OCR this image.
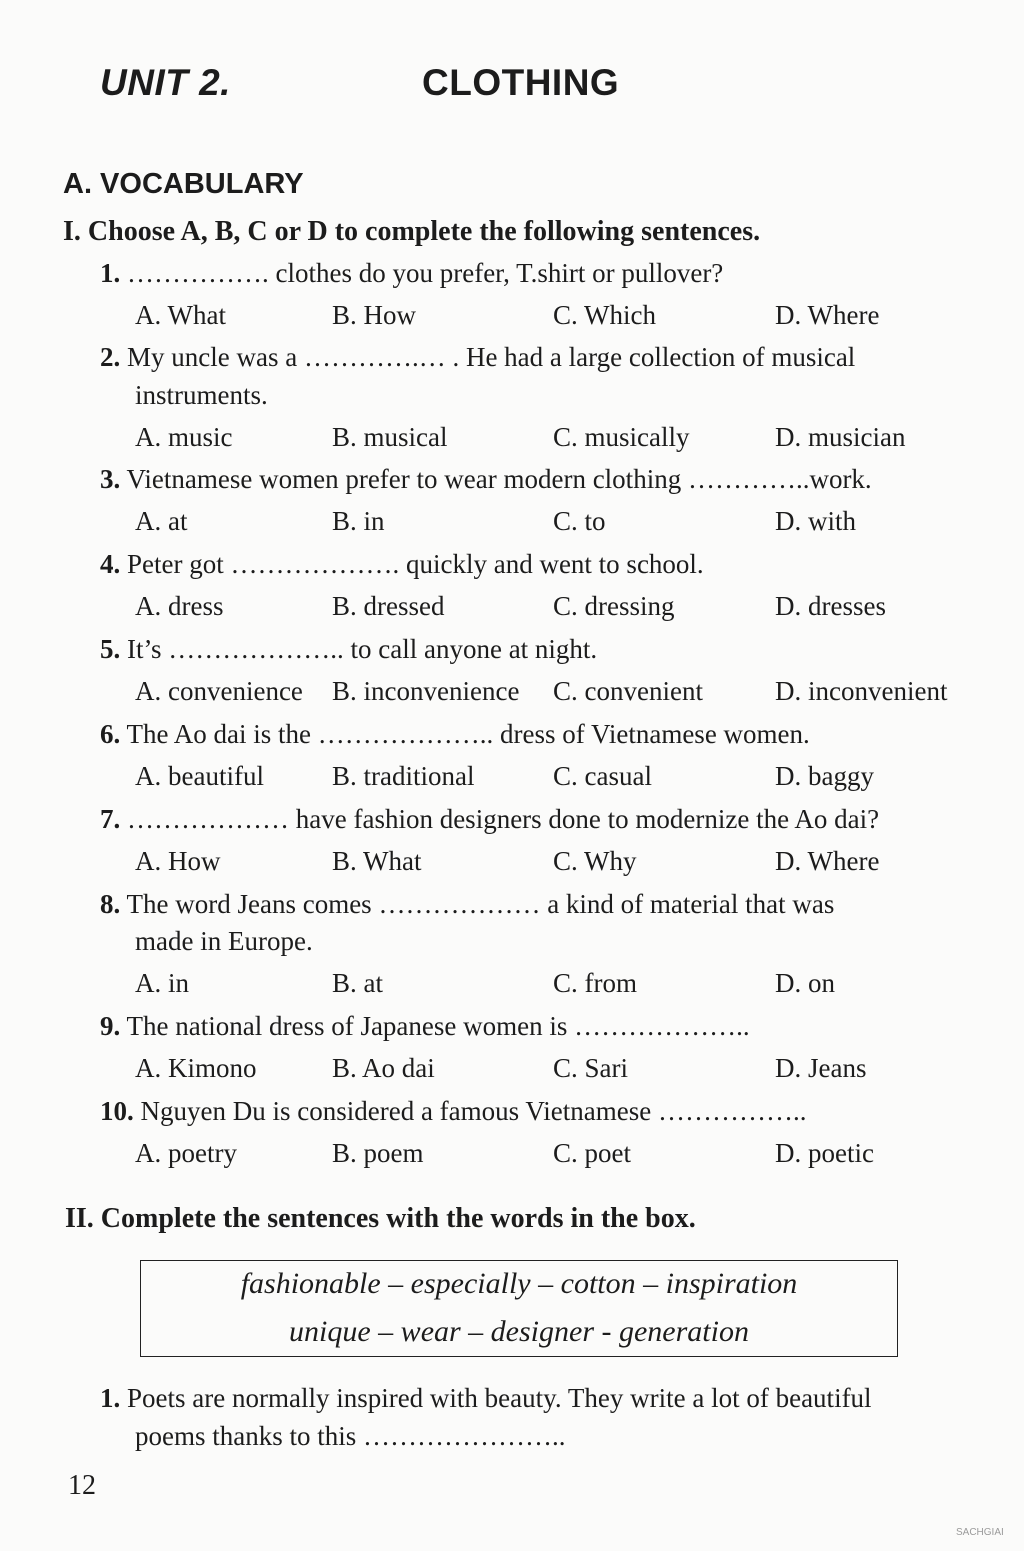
UNIT 2.	CLOTHING
A. VOCABULARY
I. Choose A, B, C or D to complete the following sentences.
1. ……………. clothes do you prefer, T.shirt or pullover?
A. What	B. How	C. Which	D. Where
2. My uncle was a ………….… . He had a large collection of musical
instruments.
A. music	B. musical	C. musically	D. musician
3. Vietnamese women prefer to wear modern clothing …………..work.
A. at	B. in	C. to	D. with
4. Peter got ………………. quickly and went to school.
A. dress	B. dressed	C. dressing	D. dresses
5. It’s ……………….. to call anyone at night.
A. convenience B. inconvenience C. convenient	D. inconvenient
6. The Ao dai is the ……………….. dress of Vietnamese women.
A. beautiful	B. traditional	C. casual	D. baggy
7. ……………… have fashion designers done to modernize the Ao dai?
A. How	B. What	C. Why	D. Where
8. The word Jeans comes ……………… a kind of material that was
made in Europe.
A. in	B. at	C. from	D. on
9. The national dress of Japanese women is ………………..
A. Kimono	B. Ao dai	C. Sari	D. Jeans
10. Nguyen Du is considered a famous Vietnamese ……………..
A. poetry	B. poem	C. poet	D. poetic
II. Complete the sentences with the words in the box.
fashionable – especially – cotton – inspiration
unique – wear – designer - generation
1. Poets are normally inspired with beauty. They write a lot of beautiful
poems thanks to this …………………..
12
SACHGIAI
